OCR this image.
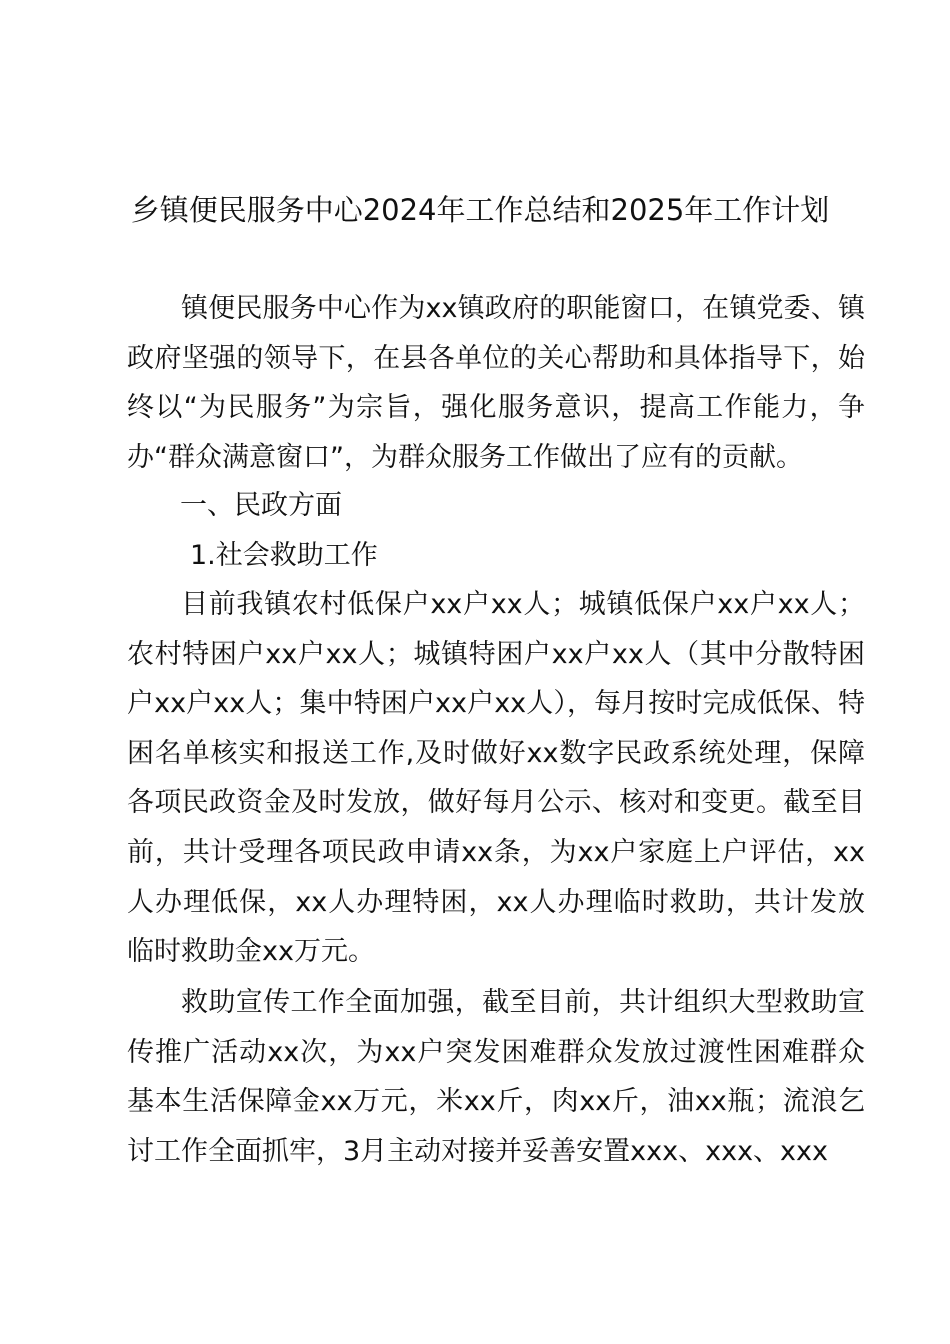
乡镇便民服务中心2024年工作总结和2025年工作计划

镇便民服务中心作为xx镇政府的职能窗口，在镇党委、镇政府坚强的领导下，在县各单位的关心帮助和具体指导下，始终以“为民服务”为宗旨，强化服务意识，提高工作能力，争办“群众满意窗口”，为群众服务工作做出了应有的贡献。

一、民政方面

1.社会救助工作

目前我镇农村低保户xx户xx人；城镇低保户xx户xx人；农村特困户xx户xx人；城镇特困户xx户xx人（其中分散特困户xx户xx人；集中特困户xx户xx人），每月按时完成低保、特困名单核实和报送工作,及时做好xx数字民政系统处理，保障各项民政资金及时发放，做好每月公示、核对和变更。截至目前，共计受理各项民政申请xx条，为xx户家庭上户评估，xx人办理低保，xx人办理特困，xx人办理临时救助，共计发放临时救助金xx万元。

救助宣传工作全面加强，截至目前，共计组织大型救助宣传推广活动xx次，为xx户突发困难群众发放过渡性困难群众基本生活保障金xx万元，米xx斤，肉xx斤，油xx瓶；流浪乞讨工作全面抓牢，3月主动对接并妥善安置xxx、xxx、xxx
